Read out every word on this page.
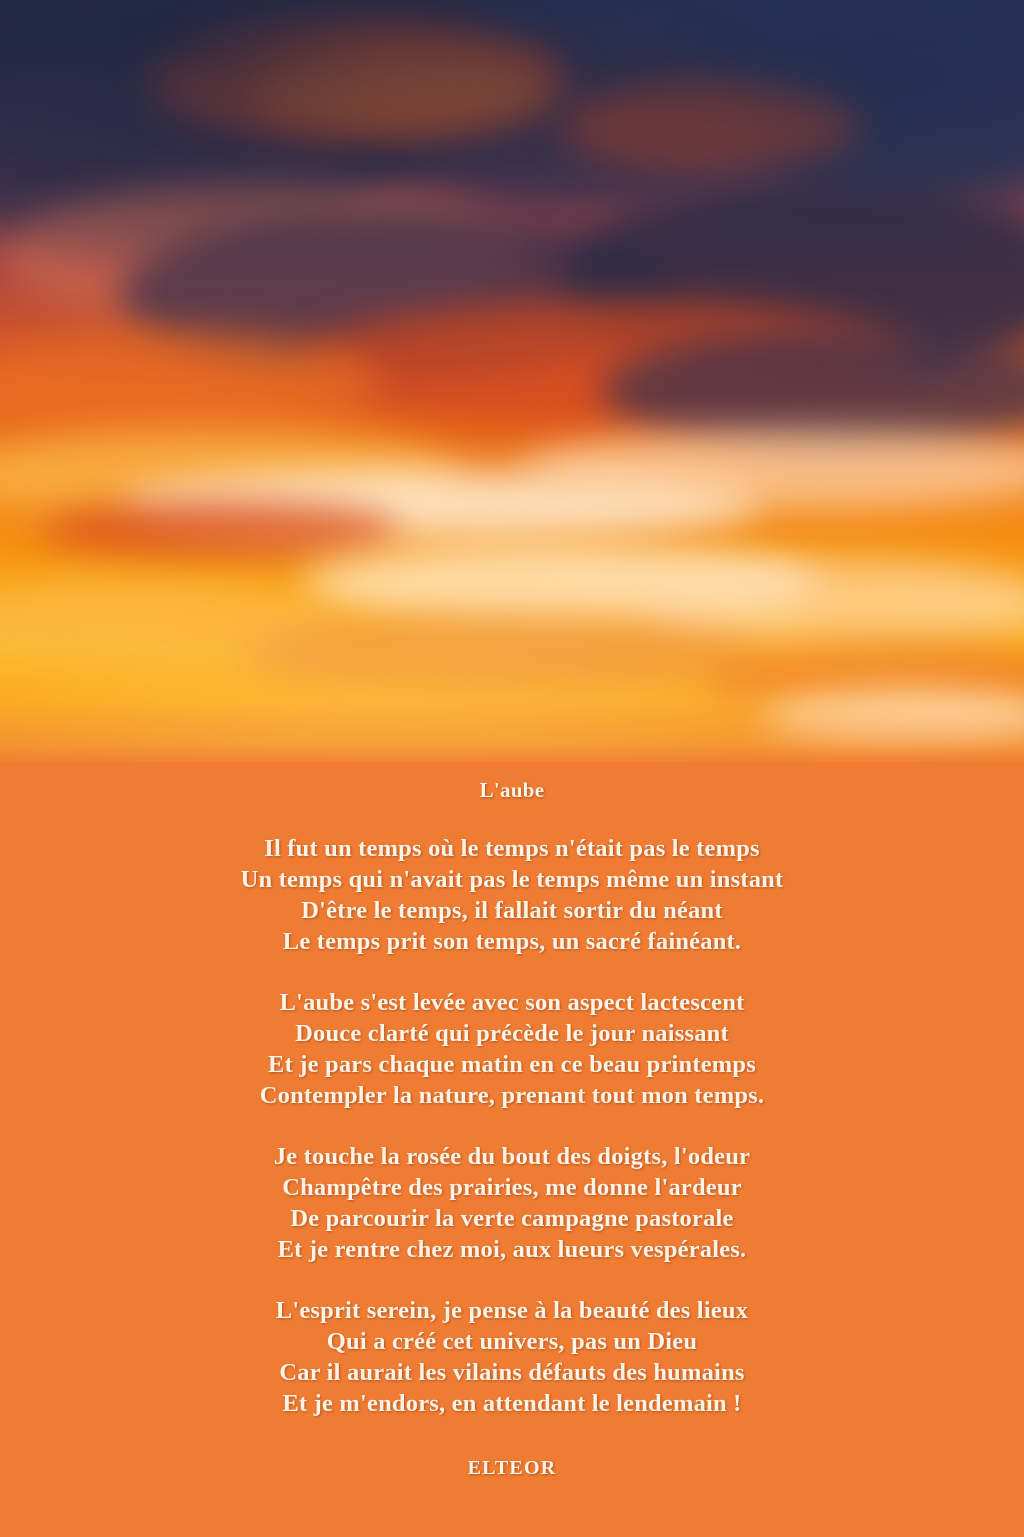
L'aube
Il fut un temps où le temps n'était pas le temps
Un temps qui n'avait pas le temps même un instant
D'être le temps, il fallait sortir du néant
Le temps prit son temps, un sacré fainéant.
L'aube s'est levée avec son aspect lactescent
Douce clarté qui précède le jour naissant
Et je pars chaque matin en ce beau printemps
Contempler la nature, prenant tout mon temps.
Je touche la rosée du bout des doigts, l'odeur
Champêtre des prairies, me donne l'ardeur
De parcourir la verte campagne pastorale
Et je rentre chez moi, aux lueurs vespérales.
L'esprit serein, je pense à la beauté des lieux
Qui a créé cet univers, pas un Dieu
Car il aurait les vilains défauts des humains
Et je m'endors, en attendant le lendemain !
ELTEOR
